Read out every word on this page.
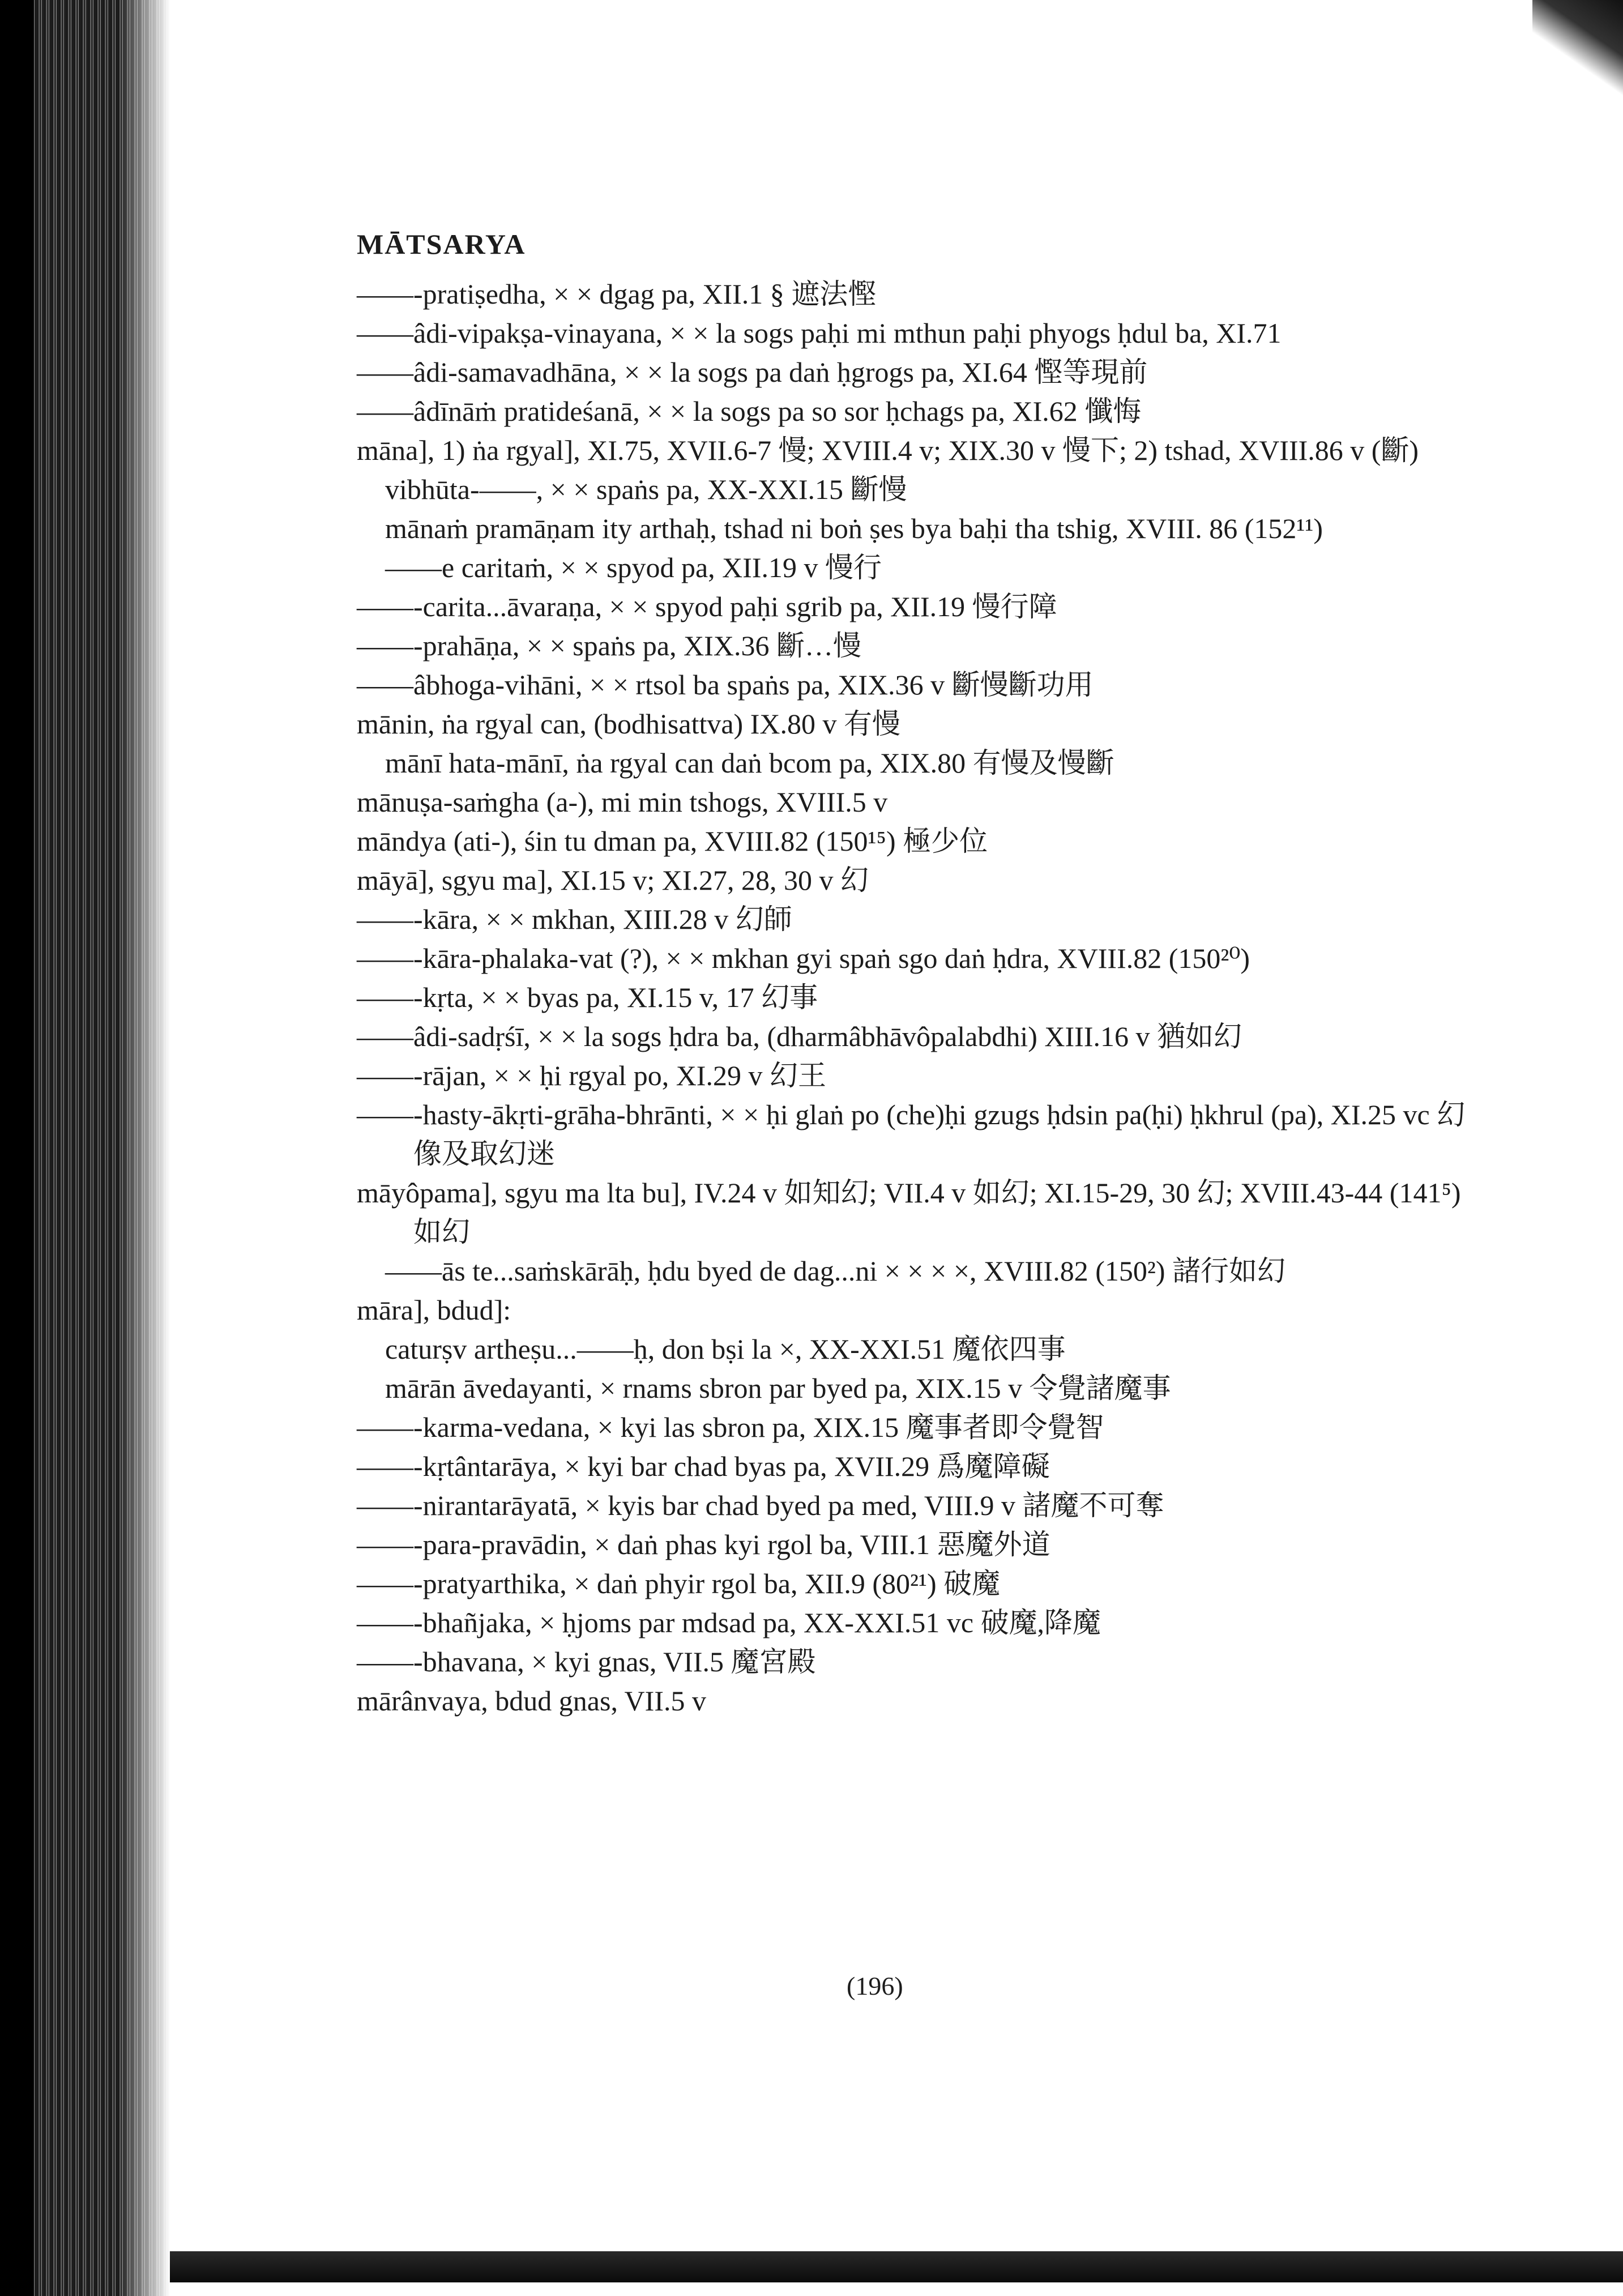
MĀTSARYA

——-pratiṣedha, × × dgag pa, XII.1 § 遮法慳

——âdi-vipakṣa-vinayana, × × la sogs paḥi mi mthun paḥi phyogs ḥdul ba, XI.71

——âdi-samavadhāna, × × la sogs pa daṅ ḥgrogs pa, XI.64 慳等現前

——âdīnāṁ pratideśanā, × × la sogs pa so sor ḥchags pa, XI.62 懺悔

māna], 1) ṅa rgyal], XI.75, XVII.6-7 慢; XVIII.4 v; XIX.30 v 慢下; 2) tshad, XVIII.86 v (斷)

vibhūta-——, × × spaṅs pa, XX-XXI.15 斷慢

mānaṁ pramāṇam ity arthaḥ, tshad ni boṅ ṣes bya baḥi tha tshig, XVIII. 86 (152¹¹)

——e caritaṁ, × × spyod pa, XII.19 v 慢行

——-carita...āvaraṇa, × × spyod paḥi sgrib pa, XII.19 慢行障

——-prahāṇa, × × spaṅs pa, XIX.36 斷…慢

——âbhoga-vihāni, × × rtsol ba spaṅs pa, XIX.36 v 斷慢斷功用

mānin, ṅa rgyal can, (bodhisattva) IX.80 v 有慢

mānī hata-mānī, ṅa rgyal can daṅ bcom pa, XIX.80 有慢及慢斷

mānuṣa-saṁgha (a-), mi min tshogs, XVIII.5 v

māndya (ati-), śin tu dman pa, XVIII.82 (150¹⁵) 極少位

māyā], sgyu ma], XI.15 v; XI.27, 28, 30 v 幻

——-kāra, × × mkhan, XIII.28 v 幻師

——-kāra-phalaka-vat (?), × × mkhan gyi spaṅ sgo daṅ ḥdra, XVIII.82 (150²⁰)

——-kṛta, × × byas pa, XI.15 v, 17 幻事

——âdi-sadṛśī, × × la sogs ḥdra ba, (dharmâbhāvôpalabdhi) XIII.16 v 猶如幻

——-rājan, × × ḥi rgyal po, XI.29 v 幻王

——-hasty-ākṛti-grāha-bhrānti, × × ḥi glaṅ po (che)ḥi gzugs ḥdsin pa(ḥi) ḥkhrul (pa), XI.25 vc 幻像及取幻迷

māyôpama], sgyu ma lta bu], IV.24 v 如知幻; VII.4 v 如幻; XI.15-29, 30 幻; XVIII.43-44 (141⁵) 如幻

——ās te...saṁskārāḥ, ḥdu byed de dag...ni × × × ×, XVIII.82 (150²) 諸行如幻

māra], bdud]:

caturṣv artheṣu...——ḥ, don bṣi la ×, XX-XXI.51 魔依四事

mārān āvedayanti, × rnams sbron par byed pa, XIX.15 v 令覺諸魔事

——-karma-vedana, × kyi las sbron pa, XIX.15 魔事者即令覺智

——-kṛtântarāya, × kyi bar chad byas pa, XVII.29 爲魔障礙

——-nirantarāyatā, × kyis bar chad byed pa med, VIII.9 v 諸魔不可奪

——-para-pravādin, × daṅ phas kyi rgol ba, VIII.1 惡魔外道

——-pratyarthika, × daṅ phyir rgol ba, XII.9 (80²¹) 破魔

——-bhañjaka, × ḥjoms par mdsad pa, XX-XXI.51 vc 破魔,降魔

——-bhavana, × kyi gnas, VII.5 魔宮殿

mārânvaya, bdud gnas, VII.5 v

(196)
